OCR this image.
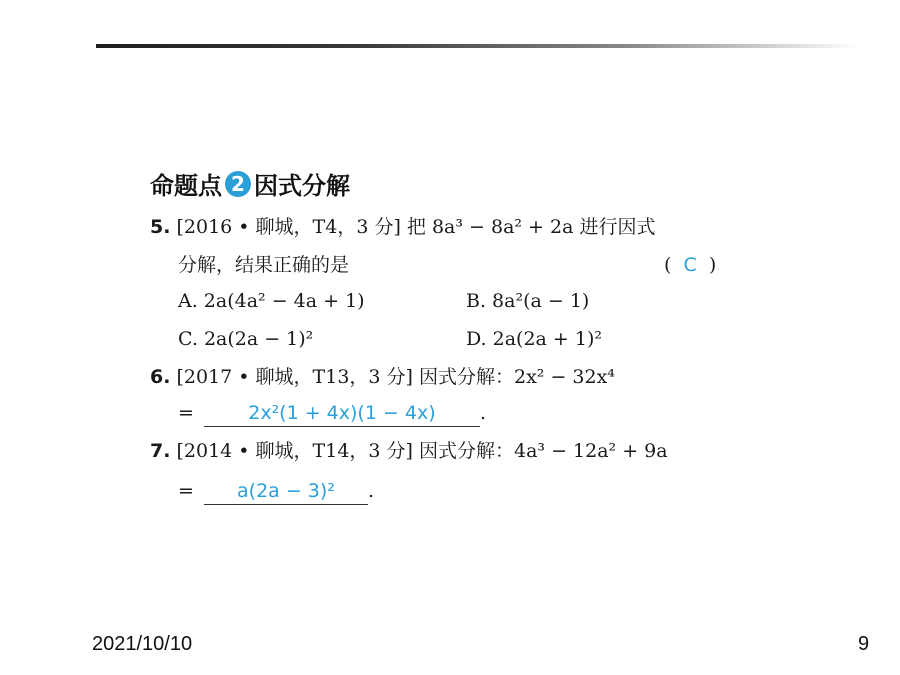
命题点 2 因式分解
5. [2016 • 聊城，T4，3 分] 把 8a³ − 8a² + 2a 进行因式
分解，结果正确的是	(  C  )
A. 2a(4a² − 4a + 1)	B. 8a²(a − 1)
C. 2a(2a − 1)²	D. 2a(2a + 1)²
6. [2017 • 聊城，T13，3 分] 因式分解：2x² − 32x⁴
=	2x²(1 + 4x)(1 − 4x) .
7. [2014 • 聊城，T14，3 分] 因式分解：4a³ − 12a² + 9a
= a(2a − 3)² .
2021/10/10	9
